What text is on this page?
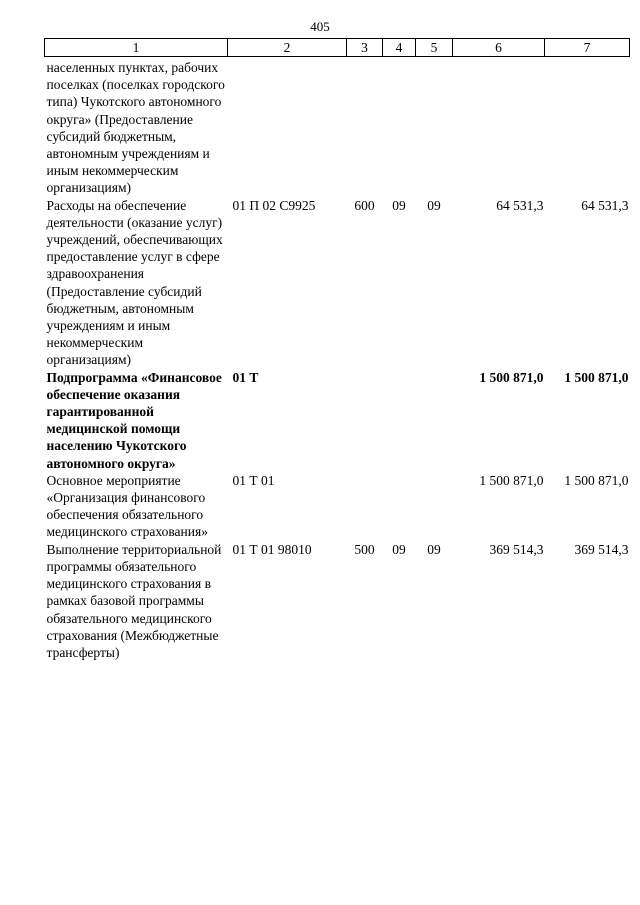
405
1	2	3	4	5	6	7
населенных пунктах, рабочих поселках (поселках городского типа) Чукотского автономного округа» (Предоставление субсидий бюджетным, автономным учреждениям и иным некоммерческим организациям)						
Расходы на обеспечение деятельности (оказание услуг) учреждений, обеспечивающих предоставление услуг в сфере здравоохранения (Предоставление субсидий бюджетным, автономным учреждениям и иным некоммерческим организациям)	01 П 02 С9925	600	09	09	64 531,3	64 531,3
Подпрограмма «Финансовое обеспечение оказания гарантированной медицинской помощи населению Чукотского автономного округа»	01 Т				1 500 871,0	1 500 871,0
Основное мероприятие «Организация финансового обеспечения обязательного медицинского страхования»	01 Т 01				1 500 871,0	1 500 871,0
Выполнение территориальной программы обязательного медицинского страхования в рамках базовой программы обязательного медицинского страхования (Межбюджетные трансферты)	01 Т 01 98010	500	09	09	369 514,3	369 514,3
